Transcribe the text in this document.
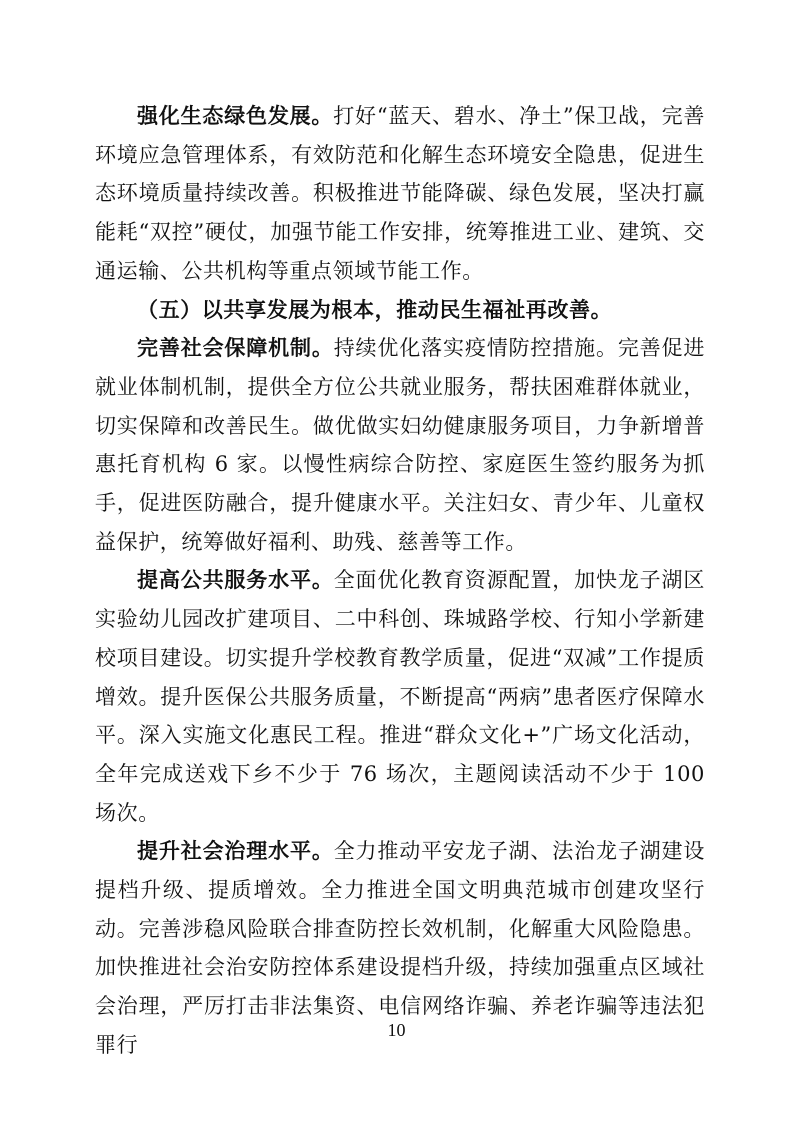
强化生态绿色发展。打好“蓝天、碧水、净土”保卫战，完善环境应急管理体系，有效防范和化解生态环境安全隐患，促进生态环境质量持续改善。积极推进节能降碳、绿色发展，坚决打赢能耗“双控”硬仗，加强节能工作安排，统筹推进工业、建筑、交通运输、公共机构等重点领域节能工作。

（五）以共享发展为根本，推动民生福祉再改善。

完善社会保障机制。持续优化落实疫情防控措施。完善促进就业体制机制，提供全方位公共就业服务，帮扶困难群体就业，切实保障和改善民生。做优做实妇幼健康服务项目，力争新增普惠托育机构 6 家。以慢性病综合防控、家庭医生签约服务为抓手，促进医防融合，提升健康水平。关注妇女、青少年、儿童权益保护，统筹做好福利、助残、慈善等工作。

提高公共服务水平。全面优化教育资源配置，加快龙子湖区实验幼儿园改扩建项目、二中科创、珠城路学校、行知小学新建校项目建设。切实提升学校教育教学质量，促进“双减”工作提质增效。提升医保公共服务质量，不断提高“两病”患者医疗保障水平。深入实施文化惠民工程。推进“群众文化+”广场文化活动，全年完成送戏下乡不少于 76 场次，主题阅读活动不少于 100 场次。

提升社会治理水平。全力推动平安龙子湖、法治龙子湖建设提档升级、提质增效。全力推进全国文明典范城市创建攻坚行动。完善涉稳风险联合排查防控长效机制，化解重大风险隐患。加快推进社会治安防控体系建设提档升级，持续加强重点区域社会治理，严厉打击非法集资、电信网络诈骗、养老诈骗等违法犯罪行

10
